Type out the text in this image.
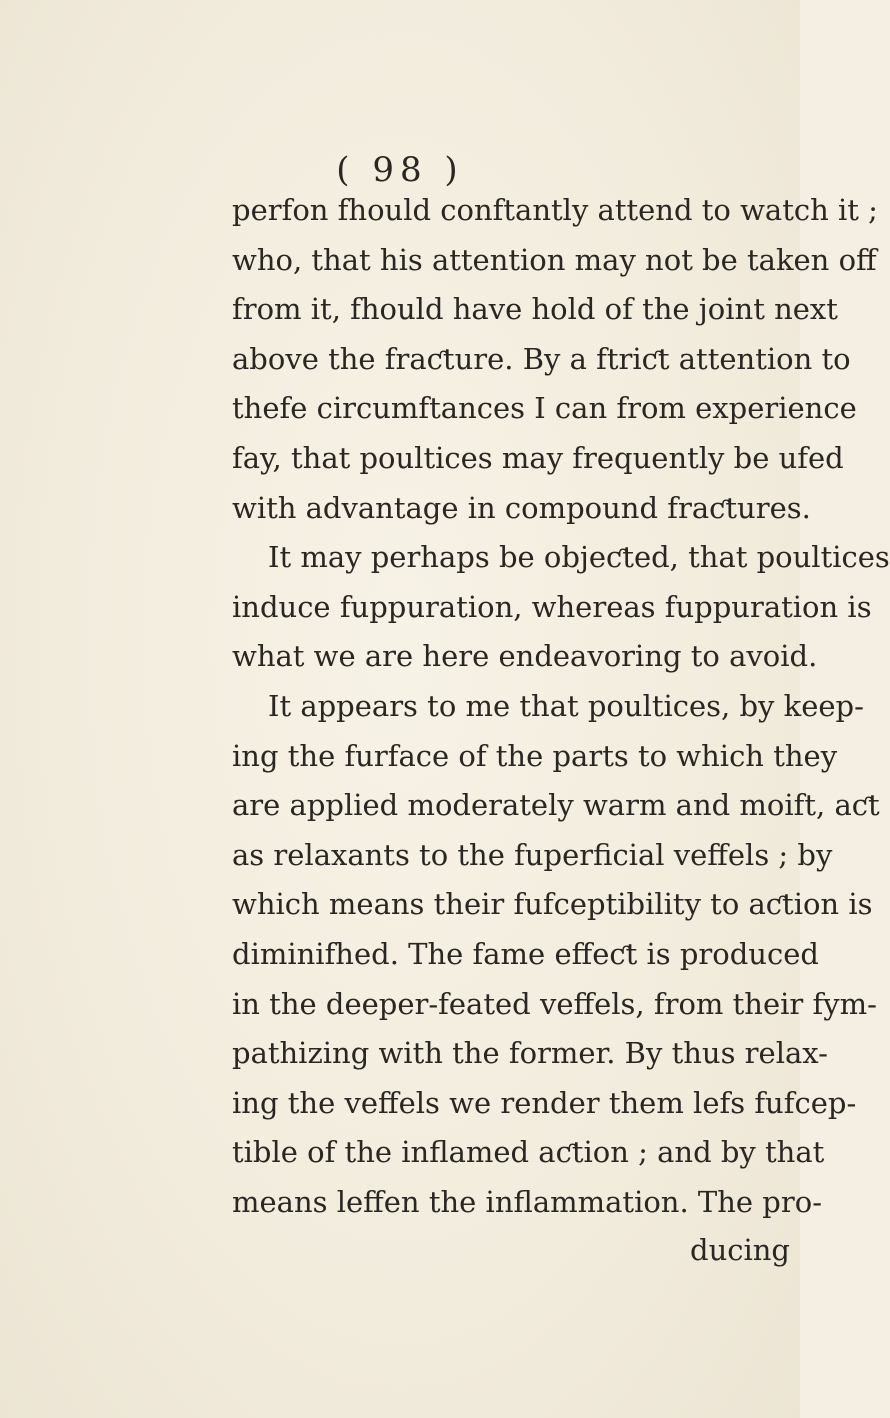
( 98 )
perfon fhould conftantly attend to watch it ;
who, that his attention may not be taken off
from it, fhould have hold of the joint next
above the fraƈture. By a ftriƈt attention to
thefe circumftances I can from experience
fay, that poultices may frequently be ufed
with advantage in compound fraƈtures.
It may perhaps be objeƈted, that poultices
induce fuppuration, whereas fuppuration is
what we are here endeavoring to avoid.
It appears to me that poultices, by keep-
ing the furface of the parts to which they
are applied moderately warm and moift, aƈt
as relaxants to the fuperficial veffels ; by
which means their fufceptibility to aƈtion is
diminifhed. The fame effeƈt is produced
in the deeper-feated veffels, from their fym-
pathizing with the former. By thus relax-
ing the veffels we render them lefs fufcep-
tible of the inflamed aƈtion ; and by that
means leffen the inflammation. The pro-
ducing
